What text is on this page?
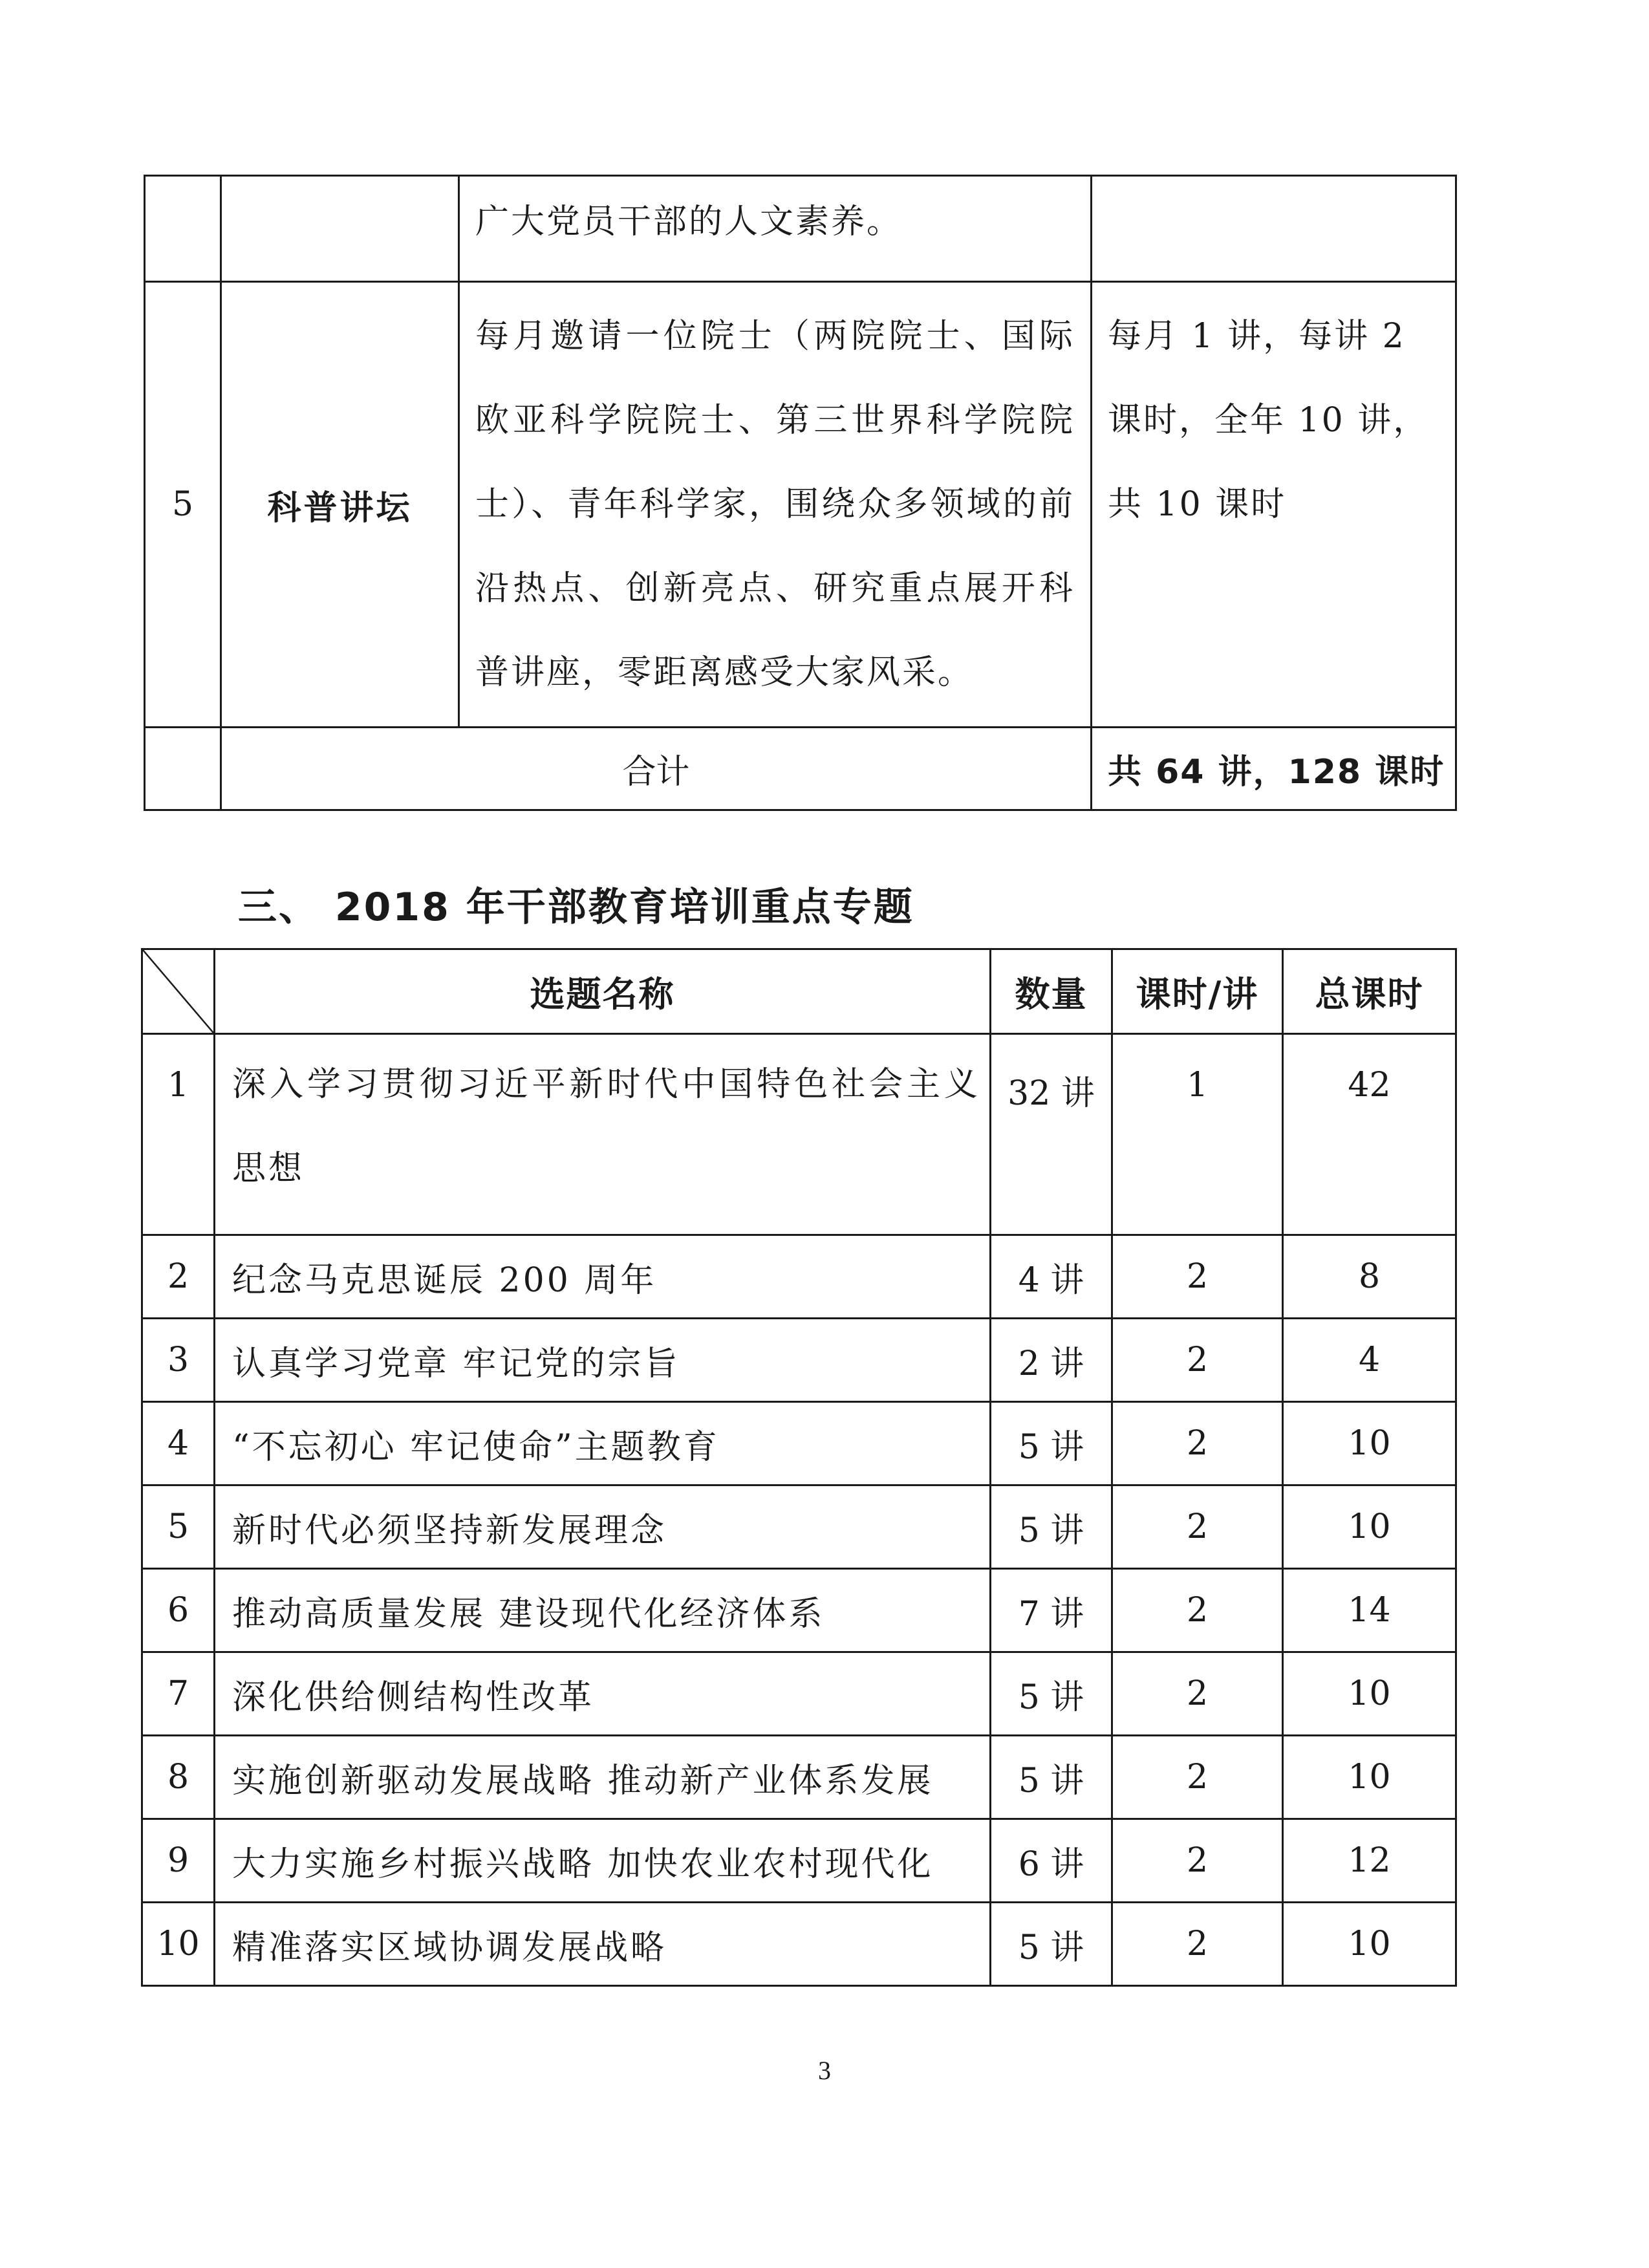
		广大党员干部的人文素养。	
5	科普讲坛	每月邀请一位院士（两院院士、国际欧亚科学院院士、第三世界科学院院士）、青年科学家，围绕众多领域的前沿热点、创新亮点、研究重点展开科普讲座，零距离感受大家风采。	每月 1 讲，每讲 2 课时，全年 10 讲，共 10 课时
	合计		共 64 讲，128 课时
三、 2018 年干部教育培训重点专题
	选题名称	数量	课时/讲	总课时
1	深入学习贯彻习近平新时代中国特色社会主义思想	32 讲	1	42
2	纪念马克思诞辰 200 周年	4 讲	2	8
3	认真学习党章 牢记党的宗旨	2 讲	2	4
4	“不忘初心 牢记使命”主题教育	5 讲	2	10
5	新时代必须坚持新发展理念	5 讲	2	10
6	推动高质量发展 建设现代化经济体系	7 讲	2	14
7	深化供给侧结构性改革	5 讲	2	10
8	实施创新驱动发展战略 推动新产业体系发展	5 讲	2	10
9	大力实施乡村振兴战略 加快农业农村现代化	6 讲	2	12
10	精准落实区域协调发展战略	5 讲	2	10
3
